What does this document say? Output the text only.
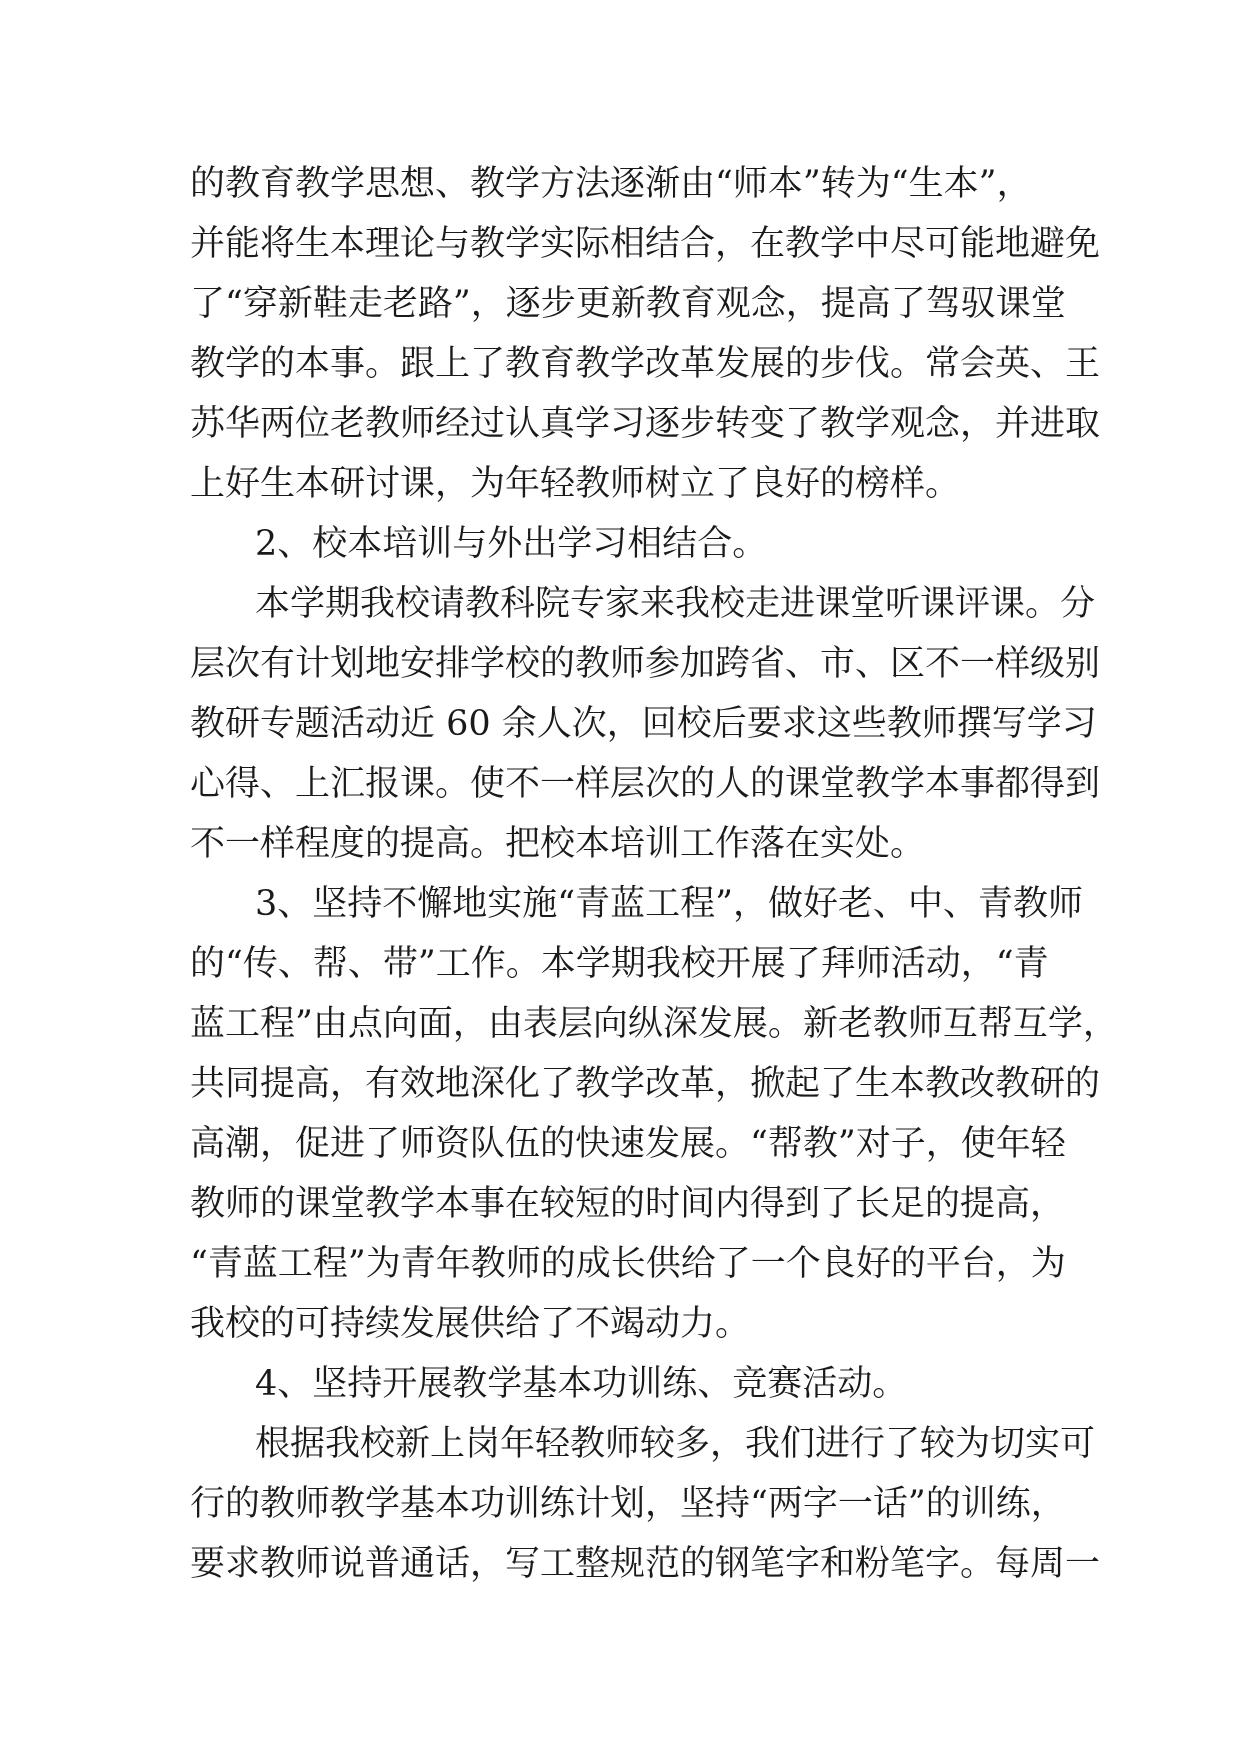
的教育教学思想、教学方法逐渐由“师本”转为“生本”，
并能将生本理论与教学实际相结合，在教学中尽可能地避免
了“穿新鞋走老路”，逐步更新教育观念，提高了驾驭课堂
教学的本事。跟上了教育教学改革发展的步伐。常会英、王
苏华两位老教师经过认真学习逐步转变了教学观念，并进取
上好生本研讨课，为年轻教师树立了良好的榜样。
2、校本培训与外出学习相结合。
本学期我校请教科院专家来我校走进课堂听课评课。分
层次有计划地安排学校的教师参加跨省、市、区不一样级别
教研专题活动近 60 余人次，回校后要求这些教师撰写学习
心得、上汇报课。使不一样层次的人的课堂教学本事都得到
不一样程度的提高。把校本培训工作落在实处。
3、坚持不懈地实施“青蓝工程”，做好老、中、青教师
的“传、帮、带”工作。本学期我校开展了拜师活动，“青
蓝工程”由点向面，由表层向纵深发展。新老教师互帮互学，
共同提高，有效地深化了教学改革，掀起了生本教改教研的
高潮，促进了师资队伍的快速发展。“帮教”对子，使年轻
教师的课堂教学本事在较短的时间内得到了长足的提高，
“青蓝工程”为青年教师的成长供给了一个良好的平台，为
我校的可持续发展供给了不竭动力。
4、坚持开展教学基本功训练、竞赛活动。
根据我校新上岗年轻教师较多，我们进行了较为切实可
行的教师教学基本功训练计划，坚持“两字一话”的训练，
要求教师说普通话，写工整规范的钢笔字和粉笔字。每周一
